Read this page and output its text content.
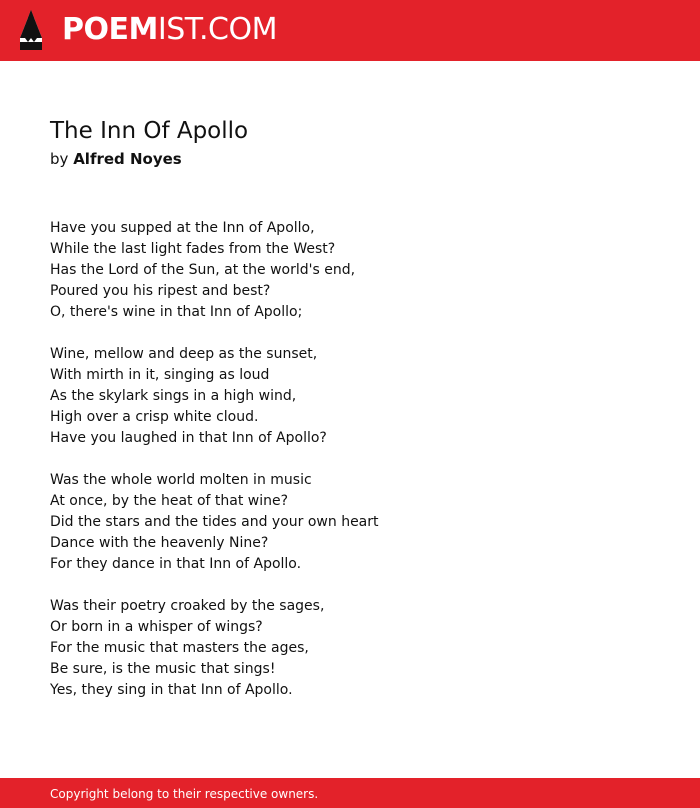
POEMIST.COM
The Inn Of Apollo
by Alfred Noyes
Have you supped at the Inn of Apollo,
While the last light fades from the West?
Has the Lord of the Sun, at the world's end,
Poured you his ripest and best?
O, there's wine in that Inn of Apollo;
Wine, mellow and deep as the sunset,
With mirth in it, singing as loud
As the skylark sings in a high wind,
High over a crisp white cloud.
Have you laughed in that Inn of Apollo?
Was the whole world molten in music
At once, by the heat of that wine?
Did the stars and the tides and your own heart
Dance with the heavenly Nine?
For they dance in that Inn of Apollo.
Was their poetry croaked by the sages,
Or born in a whisper of wings?
For the music that masters the ages,
Be sure, is the music that sings!
Yes, they sing in that Inn of Apollo.
Copyright belong to their respective owners.
